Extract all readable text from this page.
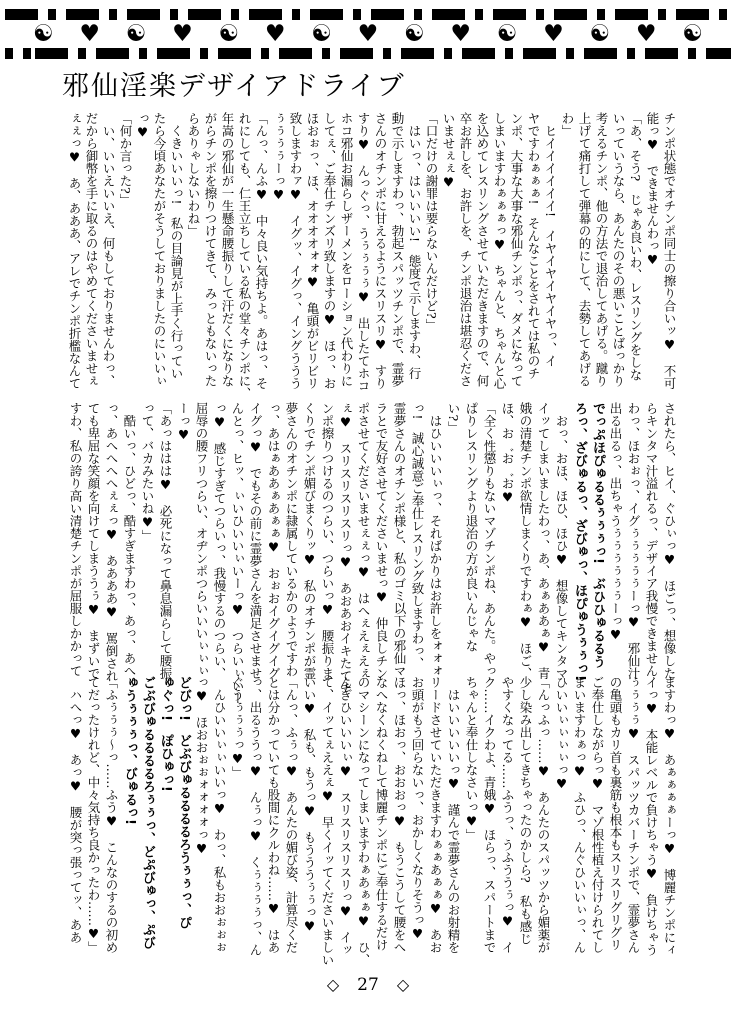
☯ ♥ ☯ ♥ ☯ ♥ ☯ ♥ ☯ ♥ ☯ ♥ ☯ ♥ ☯
邪仙淫楽デザイアドライブ
チンポ状態でオチンポ同士の擦り合いッ♥　不可
能っ♥　できませんわっ♥
「あ、そう?　じゃあ良いわ、レスリングをしな
いっていうなら、あんたのその悪いことばっかり
考えるチンポ、他の方法で退治してあげる。蹴り
上げて痛打して弾幕の的にして、去勢してあげる
わ」
　ヒイイイイイイ!　イヤイヤイヤイヤっ、イ
ヤですわぁぁぁ!　そんなことをされては私のチ
ンポ、大事な大事な邪仙チンポっ、ダメになって
しまいますわぁぁぁっ♥　ちゃんと、ちゃんと心
を込めてレスリングさせていただきますので、何
卒お許しを、お許しを、チンポ退治は堪忍くださ
いませぇぇ♥
「口だけの謝罪は要らないんだけど?」
　はいっ、はいいいい!　態度で示しますわ、行
動で示しますわっ、勃起スパッツチンポで、霊夢
さんのオチンポに甘えるようにスリスリ♥　すり
すり♥　んっぐっ、うぅぅぅぅ♥　出したてホコ
ホコ邪仙お漏らしザーメンをローション代わりに
してぇ、ご奉仕チンズリ致しますの♥　ほっ、お
ほおぉっ、ほ、オオオオォォ♥　亀頭がビリビリ
致しますわァ♥　イグッ、イグっ、イングううう
ぅぅぅぅーっ♥
「んっ、んふ♥　中々良い気持ちよ。あはっ、そ
れにしても、仁王立ちしている私の堂々チンポに、
年嵩の邪仙が一生懸命腰振りして汗だくになりな
がらチンポを擦りつけてきて、みっともないった
らありゃしないわね」
　くきいいいっ!　私の目論見が上手く行ってい
たら今頃あなたがそうしておりましたのにいいぃ
っ♥
「何か言った?」
　い、いいえいいえ、何もしておりませんわっ、
だから御幣を手に取るのはやめてくださいませぇ
ぇぇっ♥　あ、あああ、アレでチンポ折檻なんて
されたら、ヒイ、ぐひぃっ♥　ほごっ、想像した
らキンタマ汁溢れるっ、デザイア我慢できません
わっ、ほおぉっ、イグぅぅぅぅぅーっ♥　邪仙汁
出る出るっ、出ちゃうぅぅぅぅぅぅーっ♥
でっぷほぴゅるるぅぅぅっ!　ぶひひゅるるう
ろっ、ざびゅるっ、ざびゅっ、ほぴゅうぅぅっ!
　おっ、おほ、ほひ、ほひ♥　想像してキンタマ
イッてしまいましたわっ、あ、あぁああぁ♥　青
娥の清楚チンポ欲情しまくりですわぁ♥　ほご、
ほ、お゛お゛お♥
「全く性懲りもないマゾチンポね、あんた。やっ
ぱりレスリングより退治の方が良いんじゃな
い?」
　はひいいいぃっ、そればかりはお許しをォォォ
っ!　誠心誠意ご奉仕レスリング致しますわっ、
霊夢さんのオチンポ様と、私のゴミ以下の邪仙マ
ラとで友好させてくださいませっ♥　仲良しチン
ポさせてくださいませぇぇっ♥　はへぇえぇえぇ
ぇ♥　スリスリスリスリっ♥　あおあおイキたてチ
ンポ擦りつけるのつらい、つらいっ♥　腰振りま
くりでチンポ媚びまくりッ♥　私のオチンポが霊
夢さんのオチンポに隷属しているかのようですわ
っ、あはぁああぁあぁぁ♥　おぉおイグイグイグ
イグっ♥　でもその前に霊夢さんを満足させませ
んとっ、ヒッ、ぃいひいいぃいーっ♥　つらいぃいー
っ♥　感じすぎてつらいっ、我慢するのつらい、
屈辱の腰フリつらい、オヂンポつらいいいぃぃぃ
ーっ♥
「あっははは♥　必死になって鼻息漏らして腰振
って、バカみたいね♥」
　酷いっ、ひどっ、酷すぎますわっ、あっ、あへ
っ、あへへへへぇぇっ♥　ああああ♥　罵倒され
ても卑屈な笑顔を向けてしまううぅ♥　まずいで
すわ、私の誇り高い清楚チンポが屈服しかかって
ますわっ♥　あぁぁぁぁーっ♥　博麗チンポにィ
イっ♥　本能レベルで負けちゃう♥　負けちゃう
ぅぅぅぅ♥　スパッツカバーチンポで、霊夢さん
の亀頭もカリ首も裏筋も根本もスリスリグリグリ
ご奉仕しながらっ♥　マゾ根性植え付けられてし
まいますわぁっ♥　ふひっ、んぐひいいぃっ、ん
ひいいぃぃぃぃっ♥
「んっふっ……♥　あんたのスパッツから媚薬が
少し染み出してきちゃったのかしら?　私も感じ
やすくなってる……ふうっ、うふううぅっ♥　イ
ク……イクわよ、青娥♥　ほらっ、スパートまで
ちゃんと奉仕しなさいっ♥」
　はいいいいいっ♥　謹んで霊夢さんのお射精を
リードさせていただきますわぁぁあぁぁ♥　あお
お頭がもう回らないっ、おかしくなりそうっ♥
ほっ、ほおっ、おおおっ♥　もうこうして腰をへ
なへなくねくねして博麗チンポにご奉仕するだけ
のマシーンになってしまいますわぁあぁぁ♥　ひ、
んぎひいいいぃ♥　スリスリスリスリっ♥　イッ
て、イッてぇええぇ♥　早くイッてくださいましい
いい♥　私も、もうっ♥　もうううぅぅっ♥
「んっ、ふぅっ♥　あんたの媚び姿、計算尽くだ
とは分かっていても股間にクルわね……♥　はあ
っ、出るううっ♥　んぅっ♥　くぅぅぅぅっ、ん
ぐうぅぅぅっ♥」
　んひいいぃぃいいっ♥　わっ、私もおおぉぉぉ
っ♥　ほおおぉぉォォォォっ♥
どびっ!　どぶびゅるるるるろうぅぅっ、ぴ
ゅぐっ!　ぽひゅっ!
ごぶびゅるるるるろぅぅっ、どぷびゅっ、ぷび
ゅうぅぅぅっ、びゅるっ!
「ふぅぅぅ〜っ……ふう♥　こんなのするの初め
てだったけれど、中々気持ち良かったわ……♥」
　ハへっ♥　あっ♥　腰が突っ張ってッ、ああ
◇ 27 ◇
